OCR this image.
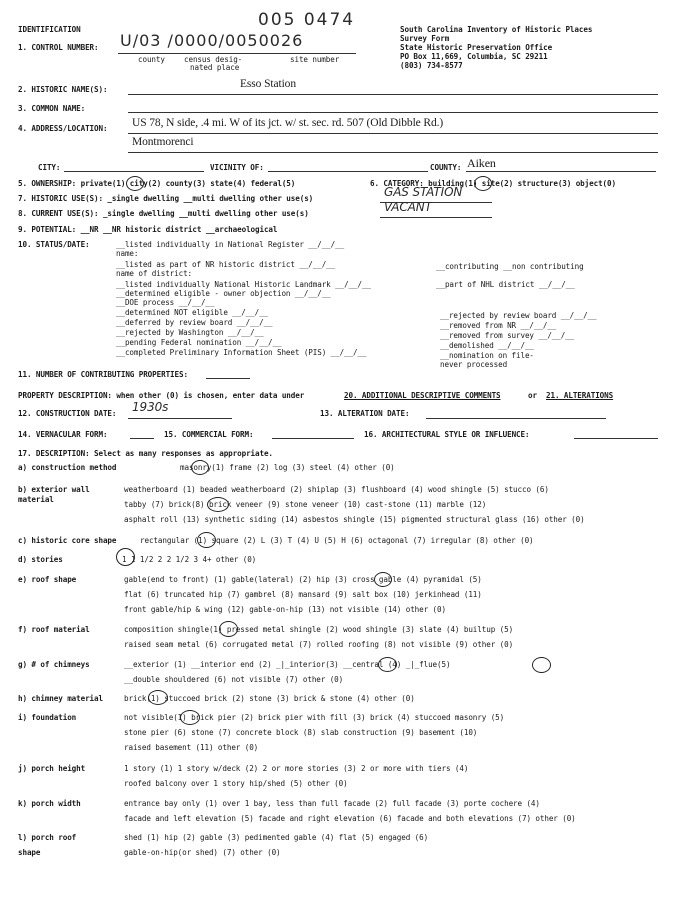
IDENTIFICATION	005 0474	South Carolina Inventory of Historic Places
Survey Form
State Historic Preservation Office
PO Box 11,669, Columbia, SC 29211
(803) 734-8577
1. CONTROL NUMBER: U/03 /0000/0050026
county	census desig-
nated place
site number
2. HISTORIC NAME(S):	Esso Station
3. COMMON NAME:
4. ADDRESS/LOCATION: US 78, N side, .4 mi. W of its jct. w/ st. sec. rd. 507 (Old Dibble Rd.)
Montmorenci
CITY:	VICINITY OF:	COUNTY: Aiken
5. OWNERSHIP: private(1) city(2) county(3) state(4) federal(5)	6. CATEGORY: building(1) site(2) structure(3) object(0)
7. HISTORIC USE(S): _single dwelling __multi dwelling other use(s)	GAS STATION
8. CURRENT USE(S): _single dwelling __multi dwelling other use(s)	VACANT
9. POTENTIAL: __NR __NR historic district __archaeological
10. STATUS/DATE:	__listed individually in National Register __/__/__
name:
__listed as part of NR historic district __/__/__
name of district:
__listed individually National Historic Landmark __/__/__
__determined eligible - owner objection __/__/__
__DOE process __/__/__
__determined NOT eligible __/__/__
__deferred by review board __/__/__
__rejected by Washington __/__/__
__pending Federal nomination __/__/__
__completed Preliminary Information Sheet (PIS) __/__/__
__contributing __non contributing
__part of NHL district __/__/__
__rejected by review board __/__/__
__removed from NR __/__/__
__removed from survey __/__/__
__demolished __/__/__
__nomination on file-
never processed
11. NUMBER OF CONTRIBUTING PROPERTIES:
PROPERTY DESCRIPTION: when other (0) is chosen, enter data under	20. ADDITIONAL DESCRIPTIVE COMMENTS	or 21. ALTERATIONS
12. CONSTRUCTION DATE: 1930s	13. ALTERATION DATE:
14. VERNACULAR FORM:	15. COMMERCIAL FORM:	16. ARCHITECTURAL STYLE OR INFLUENCE:
17. DESCRIPTION: Select as many responses as appropriate.
a) construction method	masonry(1) frame (2) log (3) steel (4) other (0)
b) exterior wall
material
weatherboard (1) beaded weatherboard (2) shiplap (3) flushboard (4) wood shingle (5) stucco (6)
tabby (7) brick(8) brick veneer (9) stone veneer (10) cast-stone (11) marble (12)
asphalt roll (13) synthetic siding (14) asbestos shingle (15) pigmented structural glass (16) other (0)
c) historic core shape	rectangular (1) square (2) L (3) T (4) U (5) H (6) octagonal (7) irregular (8) other (0)
d) stories	1 1 1/2 2 2 1/2 3 4+ other (0)
e) roof shape	gable(end to front) (1) gable(lateral) (2) hip (3) cross gable (4) pyramidal (5)
flat (6) truncated hip (7) gambrel (8) mansard (9) salt box (10) jerkinhead (11)
front gable/hip & wing (12) gable-on-hip (13) not visible (14) other (0)
f) roof material	composition shingle(1) pressed metal shingle (2) wood shingle (3) slate (4) builtup (5)
raised seam metal (6) corrugated metal (7) rolled roofing (8) not visible (9) other (0)
g) # of chimneys	__exterior (1) __interior end (2) _|_interior(3) __central (4) _|_flue(5)
__double shouldered (6) not visible (7) other (0)
h) chimney material	brick(1) stuccoed brick (2) stone (3) brick & stone (4) other (0)
i) foundation	not visible(1) brick pier (2) brick pier with fill (3) brick (4) stuccoed masonry (5)
stone pier (6) stone (7) concrete block (8) slab construction (9) basement (10)
raised basement (11) other (0)
j) porch height	1 story (1) 1 story w/deck (2) 2 or more stories (3) 2 or more with tiers (4)
roofed balcony over 1 story hip/shed (5) other (0)
k) porch width	entrance bay only (1) over 1 bay, less than full facade (2) full facade (3) porte cochere (4)
facade and left elevation (5) facade and right elevation (6) facade and both elevations (7) other (0)
l) porch roof
shape
shed (1) hip (2) gable (3) pedimented gable (4) flat (5) engaged (6)
gable-on-hip(or shed) (7) other (0)
